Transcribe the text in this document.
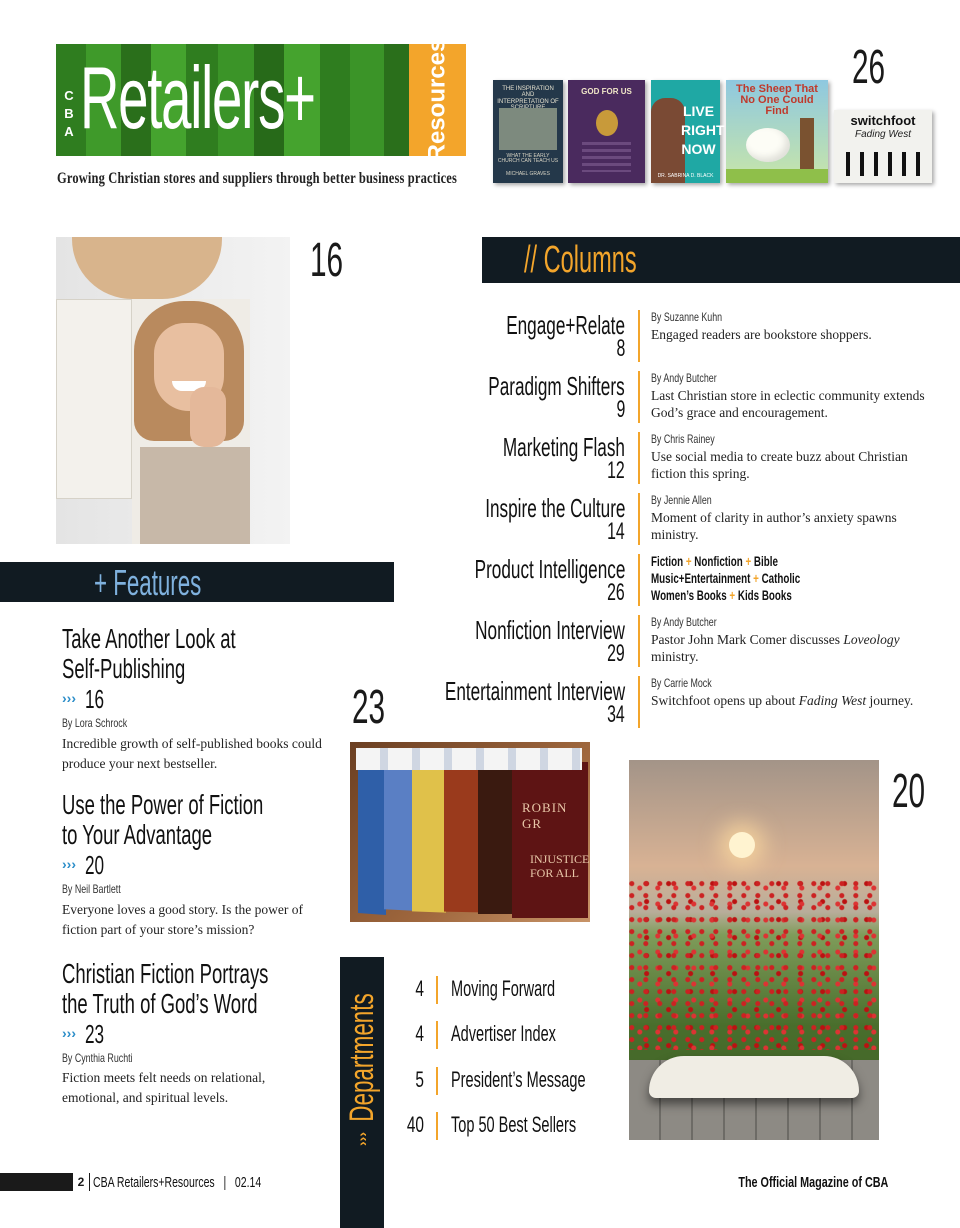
C
B
A Retailers+	Resources
Growing Christian stores and suppliers through better business practices
26
THE INSPIRATION AND INTERPRETATION OF
WHAT THE EARLY CHURCH CAN TEACH US
MICHAEL GRAVES
GOD FOR US
LIVE RIGHT NOW
DR. SABRINA D. BLACK
The Sheep That No One Could Find
switchfoot
Fading West
16	// Columns
Engage+Relate
8
By Suzanne Kuhn
Engaged readers are bookstore shoppers.
Paradigm Shifters
9
By Andy Butcher
Last Christian store in eclectic community extends God’s grace and encouragement.
Marketing Flash
12
By Chris Rainey
Use social media to create buzz about Christian fiction this spring.
Inspire the Culture
14
By Jennie Allen
Moment of clarity in author’s anxiety spawns ministry.
Product Intelligence
26
Fiction + Nonfiction + Bible
Music+Entertainment + Catholic
Women’s Books + Kids Books
Nonfiction Interview
29
By Andy Butcher
Pastor John Mark Comer discusses Loveology ministry.
Entertainment Interview
34
By Carrie Mock
Switchfoot opens up about Fading West journey.
+ Features
Take Another Look at
Self-Publishing
››› 16
By Lora Schrock
Incredible growth of self-published books could produce your next bestseller.
Use the Power of Fiction
to Your Advantage
››› 20
By Neil Bartlett
Everyone loves a good story. Is the power of fiction part of your store’s mission?
Christian Fiction Portrays
the Truth of God’s Word
››› 23
By Cynthia Ruchti
Fiction meets felt needs on relational, emotional, and spiritual levels.
23
ROBIN GR
INJUSTICE FOR ALL
20
Departments
›››
4 Moving Forward
4 Advertiser Index
5 President’s Message
40 Top 50 Best Sellers
2 CBA Retailers+Resources | 02.14	The Official Magazine of CBA
